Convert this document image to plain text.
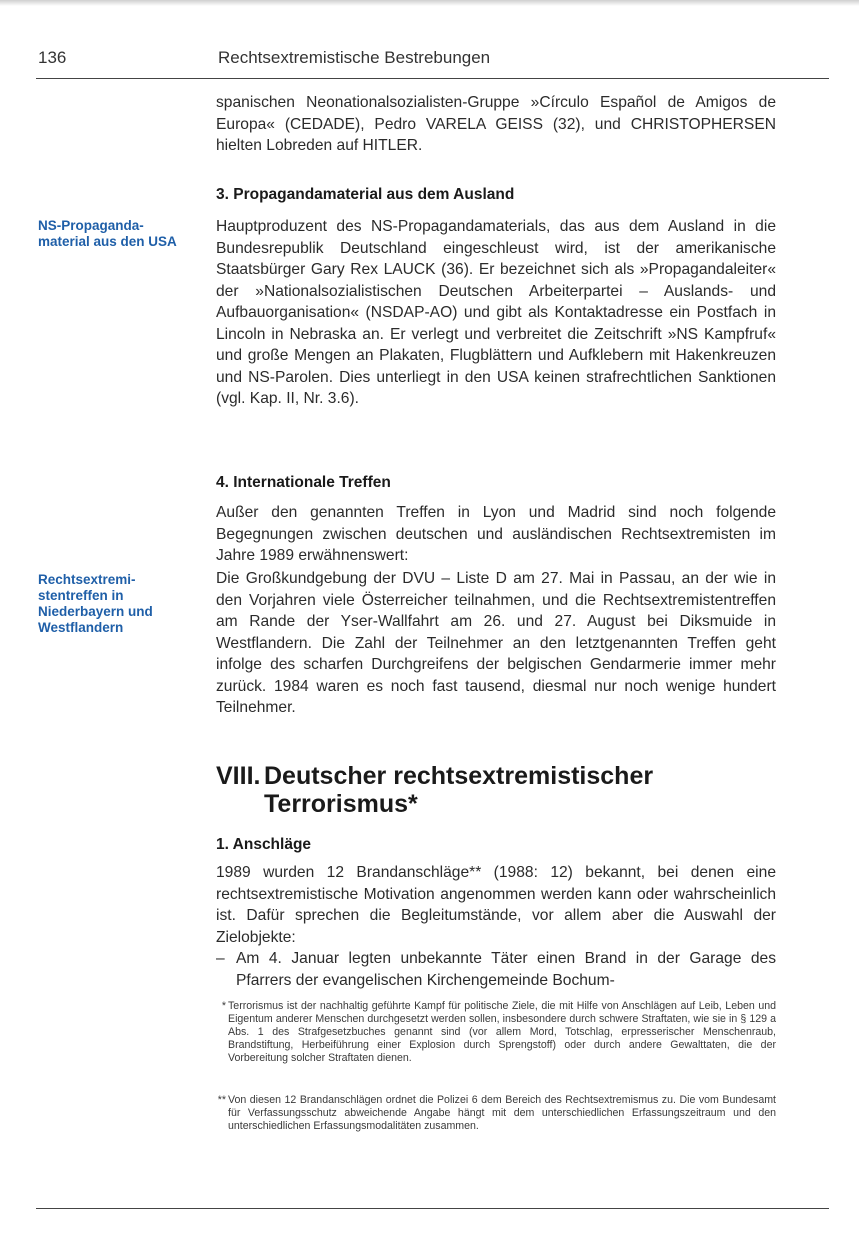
136	Rechtsextremistische Bestrebungen

spanischen Neonationalsozialisten-Gruppe »Círculo Español de Amigos de Europa« (CEDADE), Pedro VARELA GEISS (32), und CHRISTOPHERSEN hielten Lobreden auf HITLER.

3. Propagandamaterial aus dem Ausland
NS-Propaganda-material aus den USA

Hauptproduzent des NS-Propagandamaterials, das aus dem Ausland in die Bundesrepublik Deutschland eingeschleust wird, ist der amerikanische Staatsbürger Gary Rex LAUCK (36). Er bezeichnet sich als »Propagandaleiter« der »Nationalsozialistischen Deutschen Arbeiterpartei – Auslands- und Aufbauorganisation« (NSDAP-AO) und gibt als Kontaktadresse ein Postfach in Lincoln in Nebraska an. Er verlegt und verbreitet die Zeitschrift »NS Kampfruf« und große Mengen an Plakaten, Flugblättern und Aufklebern mit Hakenkreuzen und NS-Parolen. Dies unterliegt in den USA keinen strafrechtlichen Sanktionen (vgl. Kap. II, Nr. 3.6).

4. Internationale Treffen

Außer den genannten Treffen in Lyon und Madrid sind noch folgende Begegnungen zwischen deutschen und ausländischen Rechtsextremisten im Jahre 1989 erwähnenswert:

Rechtsextremi-stentreffen in Niederbayern und Westflandern

Die Großkundgebung der DVU – Liste D am 27. Mai in Passau, an der wie in den Vorjahren viele Österreicher teilnahmen, und die Rechtsextremistentreffen am Rande der Yser-Wallfahrt am 26. und 27. August bei Diksmuide in Westflandern. Die Zahl der Teilnehmer an den letztgenannten Treffen geht infolge des scharfen Durchgreifens der belgischen Gendarmerie immer mehr zurück. 1984 waren es noch fast tausend, diesmal nur noch wenige hundert Teilnehmer.

VIII. Deutscher rechtsextremistischer
Terrorismus*
1. Anschläge

1989 wurden 12 Brandanschläge** (1988: 12) bekannt, bei denen eine rechtsextremistische Motivation angenommen werden kann oder wahrscheinlich ist. Dafür sprechen die Begleitumstände, vor allem aber die Auswahl der Zielobjekte:

– Am 4. Januar legten unbekannte Täter einen Brand in der Garage des Pfarrers der evangelischen Kirchengemeinde Bochum-
* Terrorismus ist der nachhaltig geführte Kampf für politische Ziele, die mit Hilfe von Anschlägen auf Leib, Leben und Eigentum anderer Menschen durchgesetzt werden sollen, insbesondere durch schwere Straftaten, wie sie in § 129 a Abs. 1 des Strafgesetzbuches genannt sind (vor allem Mord, Totschlag, erpresserischer Menschenraub, Brandstiftung, Herbeiführung einer Explosion durch Sprengstoff) oder durch andere Gewalttaten, die der Vorbereitung solcher Straftaten dienen.
** Von diesen 12 Brandanschlägen ordnet die Polizei 6 dem Bereich des Rechtsextremismus zu. Die vom Bundesamt für Verfassungsschutz abweichende Angabe hängt mit dem unterschiedlichen Erfassungszeitraum und den unterschiedlichen Erfassungsmodalitäten zusammen.
